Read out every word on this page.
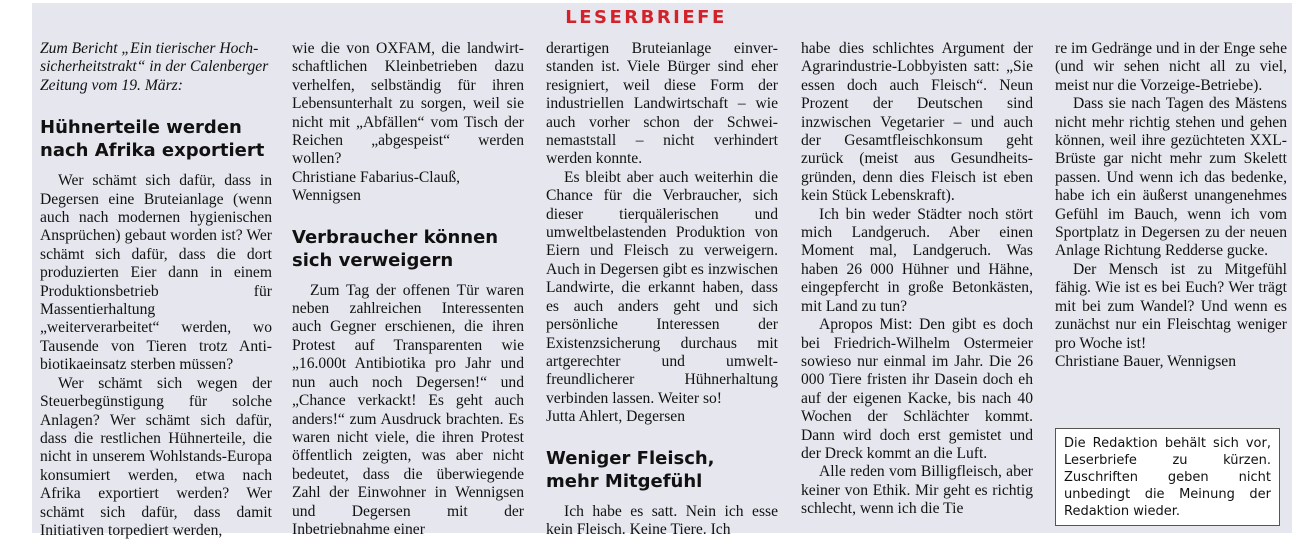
LESERBRIEFE

Zum Bericht „Ein tierischer Hochsicherheitstrakt“ in der Calenberger Zeitung vom 19. März:

Hühnerteile werden
nach Afrika exportiert

Wer schämt sich dafür, dass in Degersen eine Bruteianlage (wenn auch nach modernen hygienischen Ansprüchen) gebaut worden ist? Wer schämt sich dafür, dass die dort produzierten Eier dann in einem Produktionsbetrieb für Massentierhaltung „weiterverarbeitet“ werden, wo Tausende von Tieren trotz Antibiotikaeinsatz sterben müssen?

Wer schämt sich wegen der Steuerbegünstigung für solche Anlagen? Wer schämt sich dafür, dass die restlichen Hühnerteile, die nicht in unserem Wohlstands-Europa konsumiert werden, etwa nach Afrika exportiert werden? Wer schämt sich dafür, dass damit Initiativen torpediert werden,

wie die von OXFAM, die landwirtschaftlichen Kleinbetrieben dazu verhelfen, selbständig für ihren Lebensunterhalt zu sorgen, weil sie nicht mit „Abfällen“ vom Tisch der Reichen „abgespeist“ werden wollen?

Christiane Fabarius-Clauß,
Wennigsen

Verbraucher können
sich verweigern

Zum Tag der offenen Tür waren neben zahlreichen Interessenten auch Gegner erschienen, die ihren Protest auf Transparenten wie „16.000t Antibiotika pro Jahr und nun auch noch Degersen!“ und „Chance verkackt! Es geht auch anders!“ zum Ausdruck brachten. Es waren nicht viele, die ihren Protest öffentlich zeigten, was aber nicht bedeutet, dass die überwiegende Zahl der Einwohner in Wennigsen und Degersen mit der Inbetriebnahme einer

derartigen Bruteianlage einverstanden ist. Viele Bürger sind eher resigniert, weil diese Form der industriellen Landwirtschaft – wie auch vorher schon der Schweinemaststall – nicht verhindert werden konnte.

Es bleibt aber auch weiterhin die Chance für die Verbraucher, sich dieser tierquälerischen und umweltbelastenden Produktion von Eiern und Fleisch zu verweigern. Auch in Degersen gibt es inzwischen Landwirte, die erkannt haben, dass es auch anders geht und sich persönliche Interessen der Existenzsicherung durchaus mit artgerechter und umweltfreundlicherer Hühnerhaltung verbinden lassen. Weiter so!

Jutta Ahlert, Degersen

Weniger Fleisch,
mehr Mitgefühl

Ich habe es satt. Nein ich esse kein Fleisch. Keine Tiere. Ich

habe dies schlichtes Argument der Agrarindustrie-Lobbyisten satt: „Sie essen doch auch Fleisch“. Neun Prozent der Deutschen sind inzwischen Vegetarier – und auch der Gesamtfleischkonsum geht zurück (meist aus Gesundheitsgründen, denn dies Fleisch ist eben kein Stück Lebenskraft).

Ich bin weder Städter noch stört mich Landgeruch. Aber einen Moment mal, Landgeruch. Was haben 26 000 Hühner und Hähne, eingepfercht in große Betonkästen, mit Land zu tun?

Apropos Mist: Den gibt es doch bei Friedrich-Wilhelm Ostermeier sowieso nur einmal im Jahr. Die 26 000 Tiere fristen ihr Dasein doch eh auf der eigenen Kacke, bis nach 40 Wochen der Schlächter kommt. Dann wird doch erst gemistet und der Dreck kommt an die Luft.

Alle reden vom Billigfleisch, aber keiner von Ethik. Mir geht es richtig schlecht, wenn ich die Tie

re im Gedränge und in der Enge sehe (und wir sehen nicht all zu viel, meist nur die Vorzeige-Betriebe).

Dass sie nach Tagen des Mästens nicht mehr richtig stehen und gehen können, weil ihre gezüchteten XXL-Brüste gar nicht mehr zum Skelett passen. Und wenn ich das bedenke, habe ich ein äußerst unangenehmes Gefühl im Bauch, wenn ich vom Sportplatz in Degersen zu der neuen Anlage Richtung Redderse gucke.

Der Mensch ist zu Mitgefühl fähig. Wie ist es bei Euch? Wer trägt mit bei zum Wandel? Und wenn es zunächst nur ein Fleischtag weniger pro Woche ist!

Christiane Bauer, Wennigsen

Die Redaktion behält sich vor, Leserbriefe zu kürzen. Zuschriften geben nicht unbedingt die Meinung der Redaktion wieder.
